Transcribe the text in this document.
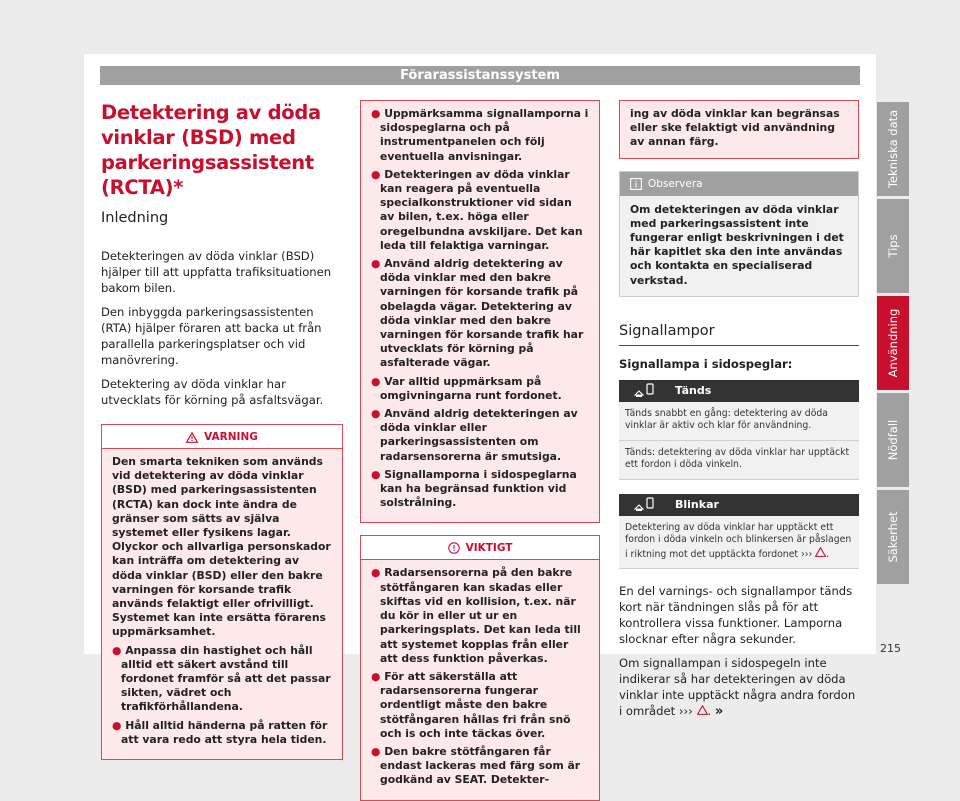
Förarassistanssystem
Detektering av döda vinklar (BSD) med parkeringsassistent (RCTA)*
Inledning

Detekteringen av döda vinklar (BSD) hjälper till att uppfatta trafiksituationen bakom bilen.

Den inbyggda parkeringsassistenten (RTA) hjälper föraren att backa ut från parallella parkeringsplatser och vid manövrering.

Detektering av döda vinklar har utvecklats för körning på asfaltsvägar.

VARNING

Den smarta tekniken som används vid detektering av döda vinklar (BSD) med parkeringsassistenten (RCTA) kan dock inte ändra de gränser som sätts av själva systemet eller fysikens lagar. Olyckor och allvarliga personskador kan inträffa om detektering av döda vinklar (BSD) eller den bakre varningen för korsande trafik används felaktigt eller ofrivilligt. Systemet kan inte ersätta förarens uppmärksamhet.

● Anpassa din hastighet och håll alltid ett säkert avstånd till fordonet framför så att det passar sikten, vädret och trafikförhållandena.
● Håll alltid händerna på ratten för att vara redo att styra hela tiden.
● Uppmärksamma signallamporna i sidospeglarna och på instrumentpanelen och följ eventuella anvisningar.
● Detekteringen av döda vinklar kan reagera på eventuella specialkonstruktioner vid sidan av bilen, t.ex. höga eller oregelbundna avskiljare. Det kan leda till felaktiga varningar.
● Använd aldrig detektering av döda vinklar med den bakre varningen för korsande trafik på obelagda vägar. Detektering av döda vinklar med den bakre varningen för korsande trafik har utvecklats för körning på asfalterade vägar.
● Var alltid uppmärksam på omgivningarna runt fordonet.
● Använd aldrig detekteringen av döda vinklar eller parkeringsassistenten om radarsensorerna är smutsiga.
● Signallamporna i sidospeglarna kan ha begränsad funktion vid solstrålning.
VIKTIGT
● Radarsensorerna på den bakre stötfångaren kan skadas eller skiftas vid en kollision, t.ex. när du kör in eller ut ur en parkeringsplats. Det kan leda till att systemet kopplas från eller att dess funktion påverkas.
● För att säkerställa att radarsensorerna fungerar ordentligt måste den bakre stötfångaren hållas fri från snö och is och inte täckas över.
● Den bakre stötfångaren får endast lackeras med färg som är godkänd av SEAT. Detekter-
ing av döda vinklar kan begränsas eller ske felaktigt vid användning av annan färg.
Observera
Om detekteringen av döda vinklar med parkeringsassistent inte fungerar enligt beskrivningen i det här kapitlet ska den inte användas och kontakta en specialiserad verkstad.
Signallampor
Signallampa i sidospeglar:
Tänds
Tänds snabbt en gång: detektering av döda vinklar är aktiv och klar för användning.
Tänds: detektering av döda vinklar har upptäckt ett fordon i döda vinkeln.
Blinkar
Detektering av döda vinklar har upptäckt ett fordon i döda vinkeln och blinkersen är påslagen i riktning mot det upptäckta fordonet ››› .

En del varnings- och signallampor tänds kort när tändningen slås på för att kontrollera vissa funktioner. Lamporna slocknar efter några sekunder.

Om signallampan i sidospegeln inte indikerar så har detekteringen av döda vinklar inte upptäckt några andra fordon i området ››› . »

Tekniska data
Tips
Användning
Nödfall
Säkerhet
215
